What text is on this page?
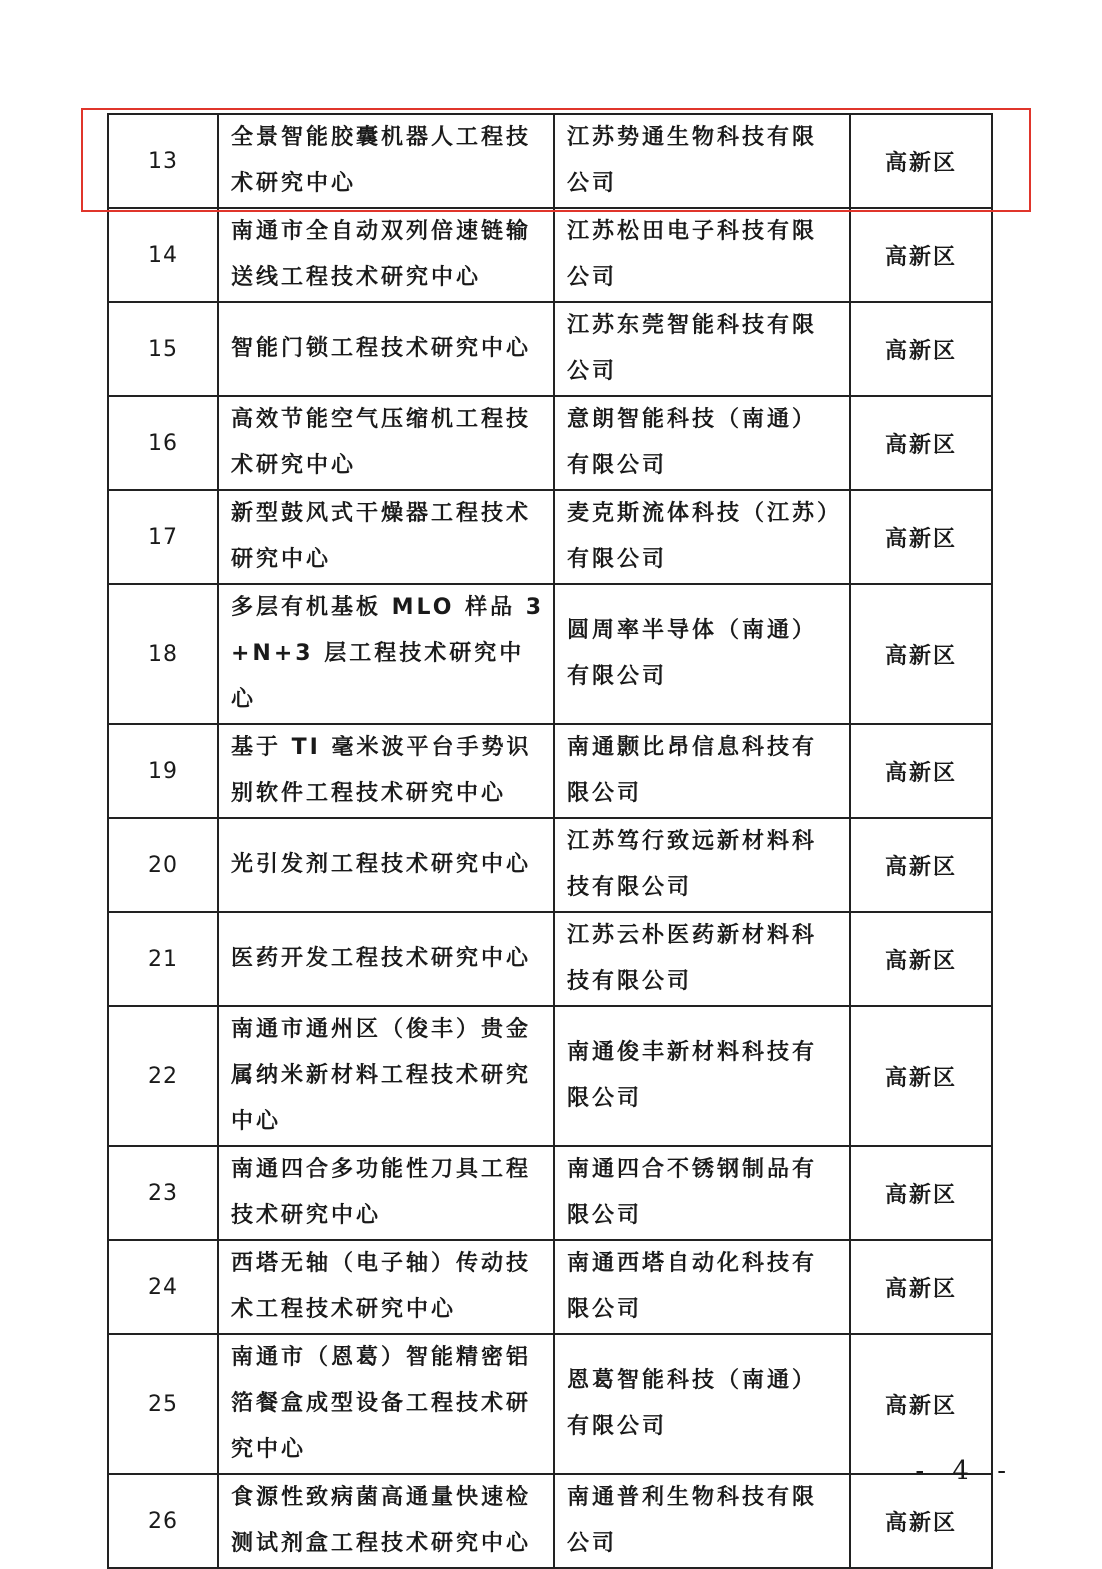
13	全景智能胶囊机器人工程技术研究中心	江苏势通生物科技有限公司	高新区
14	南通市全自动双列倍速链输送线工程技术研究中心	江苏松田电子科技有限公司	高新区
15	智能门锁工程技术研究中心	江苏东莞智能科技有限公司	高新区
16	高效节能空气压缩机工程技术研究中心	意朗智能科技（南通）有限公司	高新区
17	新型鼓风式干燥器工程技术研究中心	麦克斯流体科技（江苏）有限公司	高新区
18	多层有机基板 MLO 样品 3+N+3 层工程技术研究中心	圆周率半导体（南通）有限公司	高新区
19	基于 TI 毫米波平台手势识别软件工程技术研究中心	南通颢比昂信息科技有限公司	高新区
20	光引发剂工程技术研究中心	江苏笃行致远新材料科技有限公司	高新区
21	医药开发工程技术研究中心	江苏云朴医药新材料科技有限公司	高新区
22	南通市通州区（俊丰）贵金属纳米新材料工程技术研究中心	南通俊丰新材料科技有限公司	高新区
23	南通四合多功能性刀具工程技术研究中心	南通四合不锈钢制品有限公司	高新区
24	西塔无轴（电子轴）传动技术工程技术研究中心	南通西塔自动化科技有限公司	高新区
25	南通市（恩葛）智能精密铝箔餐盒成型设备工程技术研究中心	恩葛智能科技（南通）有限公司	高新区
26	食源性致病菌高通量快速检测试剂盒工程技术研究中心	南通普利生物科技有限公司	高新区
- 4 -
